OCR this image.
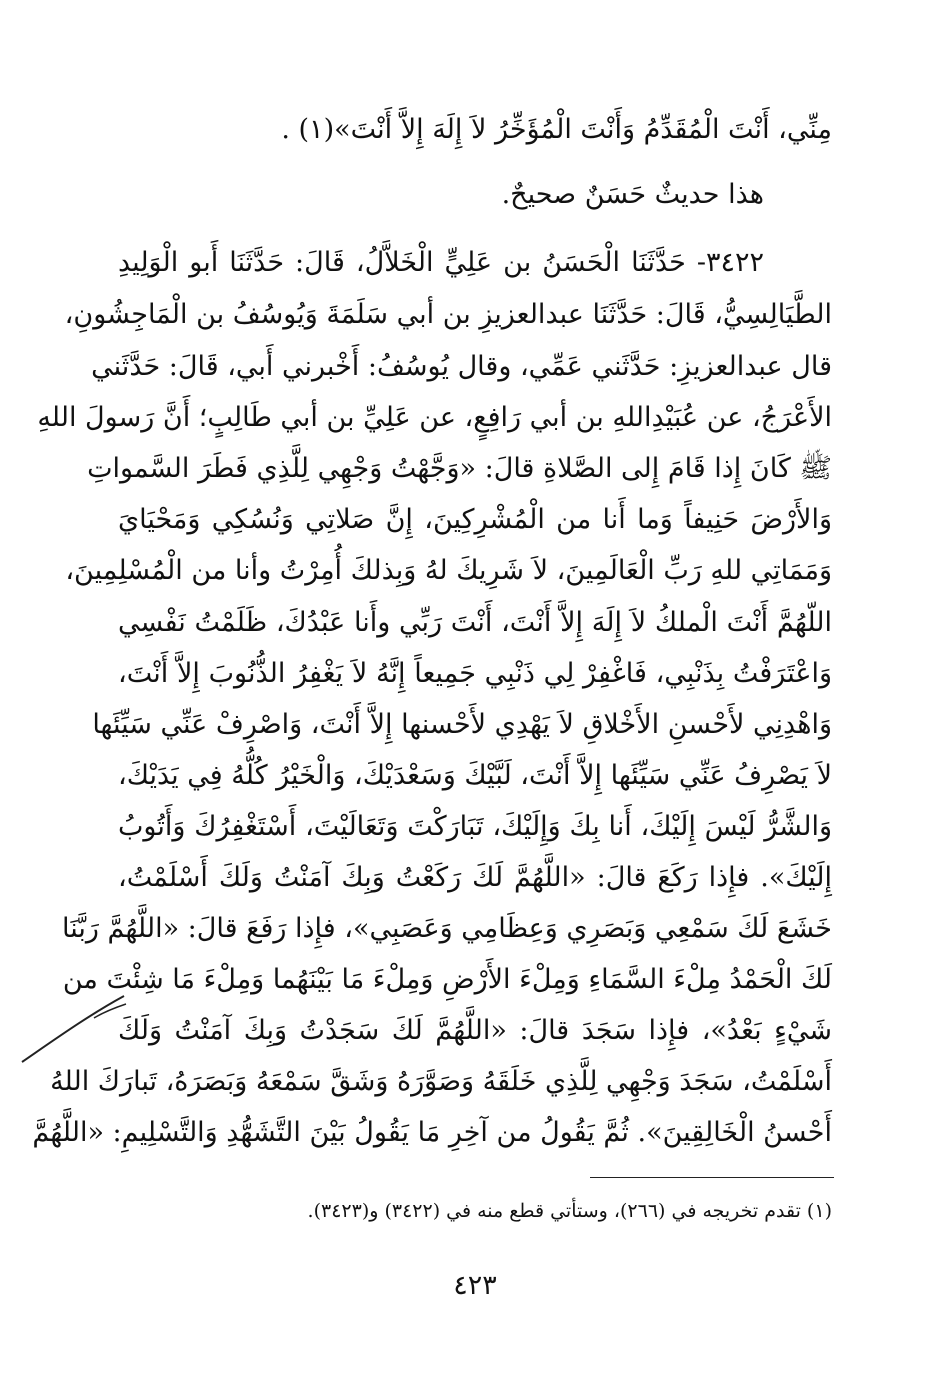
مِنِّي، أَنْتَ الْمُقَدِّمُ وَأَنْتَ الْمُؤَخِّرُ لاَ إِلَهَ إِلاَّ أَنْتَ»(١) .
هذا حديثٌ حَسَنٌ صحيحٌ.
٣٤٢٢- حَدَّثَنَا الْحَسَنُ بن عَلِيٍّ الْخَلاَّلُ، قَالَ: حَدَّثَنَا أَبو الْوَلِيدِ
الطَّيَالِسِيُّ، قَالَ: حَدَّثَنَا عبدالعزيزِ بن أبي سَلَمَةَ وَيُوسُفُ بن الْمَاجِشُونِ،
قال عبدالعزيزِ: حَدَّثَني عَمِّي، وقال يُوسُفُ: أَخْبرني أَبي، قَالَ: حَدَّثَني
الأَعْرَجُ، عن عُبَيْدِاللهِ بن أبي رَافِعٍ، عن عَلِيِّ بن أبي طَالِبٍ؛ أَنَّ رَسولَ اللهِ
ﷺ كَانَ إِذا قَامَ إِلى الصَّلاةِ قالَ: «وَجَّهْتُ وَجْهِي لِلَّذِي فَطَرَ السَّمواتِ
وَالأَرْضَ حَنِيفاً وَما أَنا من الْمُشْرِكِينَ، إِنَّ صَلاتِي وَنُسُكِي وَمَحْيَايَ
وَمَمَاتِي للهِ رَبِّ الْعَالَمِينَ، لاَ شَرِيكَ لهُ وَبِذلكَ أُمِرْتُ وأنا من الْمُسْلِمِينَ،
اللّهُمَّ أَنْتَ الْملكُ لاَ إِلَهَ إِلاَّ أَنْتَ، أَنْتَ رَبِّي وأَنا عَبْدُكَ، ظَلَمْتُ نَفْسِي
وَاعْتَرَفْتُ بِذَنْبِي، فَاغْفِرْ لِي ذَنْبِي جَمِيعاً إِنَّهُ لاَ يَغْفِرُ الذُّنُوبَ إِلاَّ أَنْتَ،
وَاهْدِنِي لأَحْسنِ الأَخْلاقِ لاَ يَهْدِي لأَحْسنها إِلاَّ أَنْتَ، وَاصْرِفْ عَنِّي سَيِّئَها
لاَ يَصْرِفُ عَنِّي سَيِّئَها إِلاَّ أَنْتَ، لَبَّيْكَ وَسَعْدَيْكَ، وَالْخَيْرُ كُلُّهُ فِي يَدَيْكَ،
وَالشَّرُّ لَيْسَ إِلَيْكَ، أَنا بِكَ وَإِلَيْكَ، تَبَارَكْتَ وَتَعَالَيْتَ، أَسْتَغْفِرُكَ وَأَتُوبُ
إِلَيْكَ». فإِذا رَكَعَ قالَ: «اللَّهُمَّ لَكَ رَكَعْتُ وَبِكَ آمَنْتُ وَلَكَ أَسْلَمْتُ،
خَشَعَ لَكَ سَمْعِي وَبَصَرِي وَعِظَامِي وَعَصَبِي»، فإِذا رَفَعَ قالَ: «اللَّهُمَّ رَبَّنَا
لَكَ الْحَمْدُ مِلْءَ السَّمَاءِ وَمِلْءَ الأَرْضِ وَمِلْءَ مَا بَيْنَهُما وَمِلْءَ مَا شِئْتَ من
شَيْءٍ بَعْدُ»، فإِذا سَجَدَ قالَ: «اللَّهُمَّ لَكَ سَجَدْتُ وَبِكَ آمَنْتُ وَلَكَ
أَسْلَمْتُ، سَجَدَ وَجْهِي لِلَّذِي خَلَقَهُ وَصَوَّرَهُ وَشَقَّ سَمْعَهُ وَبَصَرَهُ، تَبارَكَ اللهُ
أَحْسنُ الْخَالِقِينَ». ثُمَّ يَقُولُ من آخِرِ مَا يَقُولُ بَيْنَ التَّشَهُّدِ وَالتَّسْلِيمِ: «اللَّهُمَّ
(١) تقدم تخريجه في (٢٦٦)، وستأتي قطع منه في (٣٤٢٢) و(٣٤٢٣).
٤٢٣
